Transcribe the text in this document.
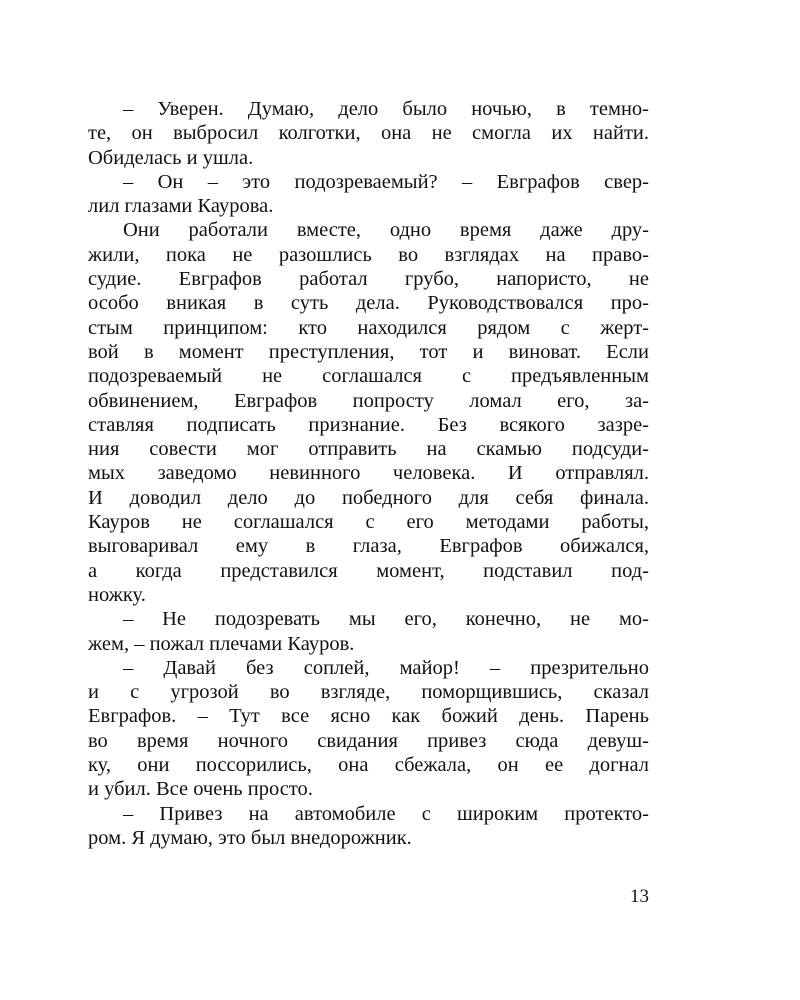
– Уверен. Думаю, дело было ночью, в темно-
те, он выбросил колготки, она не смогла их найти.
Обиделась и ушла.
– Он – это подозреваемый? – Евграфов свер-
лил глазами Каурова.
Они работали вместе, одно время даже дру-
жили, пока не разошлись во взглядах на право-
судие. Евграфов работал грубо, напористо, не
особо вникая в суть дела. Руководствовался про-
стым принципом: кто находился рядом с жерт-
вой в момент преступления, тот и виноват. Если
подозреваемый не соглашался с предъявленным
обвинением, Евграфов попросту ломал его, за-
ставляя подписать признание. Без всякого зазре-
ния совести мог отправить на скамью подсуди-
мых заведомо невинного человека. И отправлял.
И доводил дело до победного для себя финала.
Кауров не соглашался с его методами работы,
выговаривал ему в глаза, Евграфов обижался,
а когда представился момент, подставил под-
ножку.
– Не подозревать мы его, конечно, не мо-
жем, – пожал плечами Кауров.
– Давай без соплей, майор! – презрительно
и с угрозой во взгляде, поморщившись, сказал
Евграфов. – Тут все ясно как божий день. Парень
во время ночного свидания привез сюда девуш-
ку, они поссорились, она сбежала, он ее догнал
и убил. Все очень просто.
– Привез на автомобиле с широким протекто-
ром. Я думаю, это был внедорожник.
13
